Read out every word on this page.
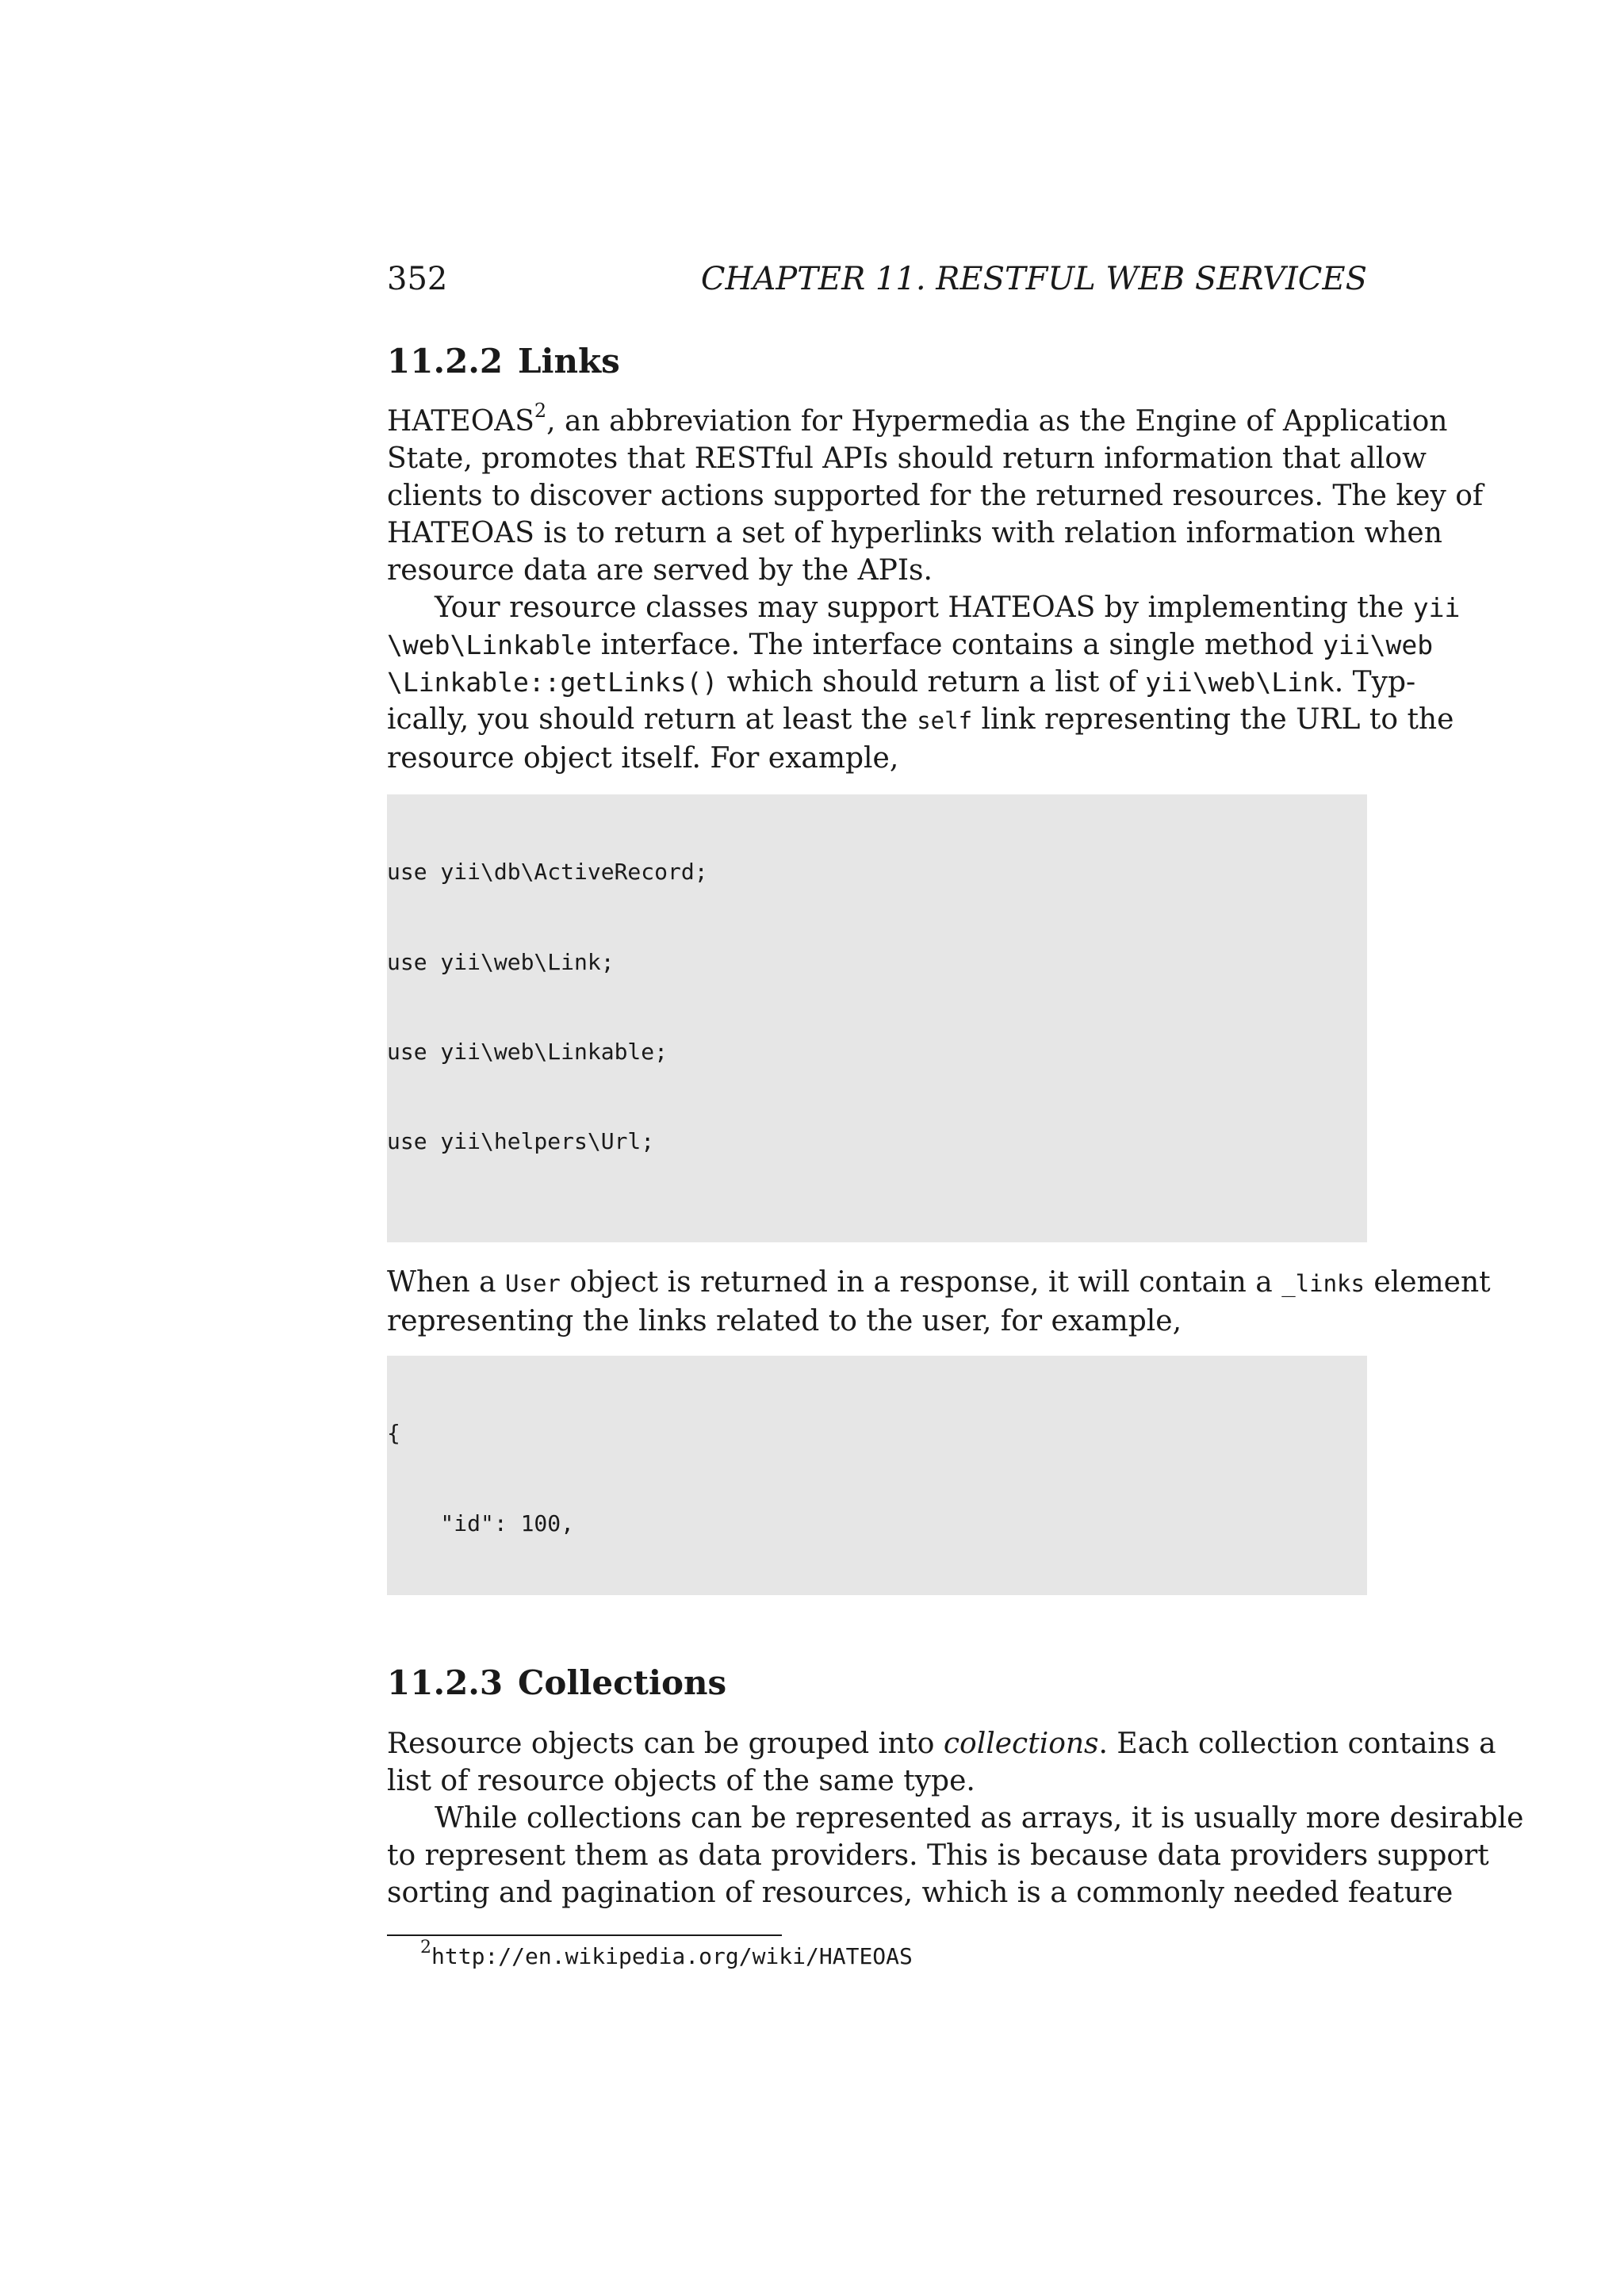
352	CHAPTER 11. RESTFUL WEB SERVICES
11.2.2 Links
HATEOAS$^2$, an abbreviation for Hypermedia as the Engine of Application
State, promotes that RESTful APIs should return information that allow
clients to discover actions supported for the returned resources. The key of
HATEOAS is to return a set of hyperlinks with relation information when
resource data are served by the APIs.
Your resource classes may support HATEOAS by implementing the yii
\web\Linkable interface. The interface contains a single method yii\web
\Linkable::getLinks() which should return a list of yii\web\Link. Typ-
ically, you should return at least the self link representing the URL to the
resource object itself. For example,

use yii\db\ActiveRecord;

use yii\web\Link;

use yii\web\Linkable;

use yii\helpers\Url;

When a User object is returned in a response, it will contain a _links element
representing the links related to the user, for example,

{

"id": 100,

11.2.3 Collections
Resource objects can be grouped into collections. Each collection contains a
list of resource objects of the same type.
While collections can be represented as arrays, it is usually more desirable
to represent them as data providers. This is because data providers support
sorting and pagination of resources, which is a commonly needed feature
$^2$http://en.wikipedia.org/wiki/HATEOAS
